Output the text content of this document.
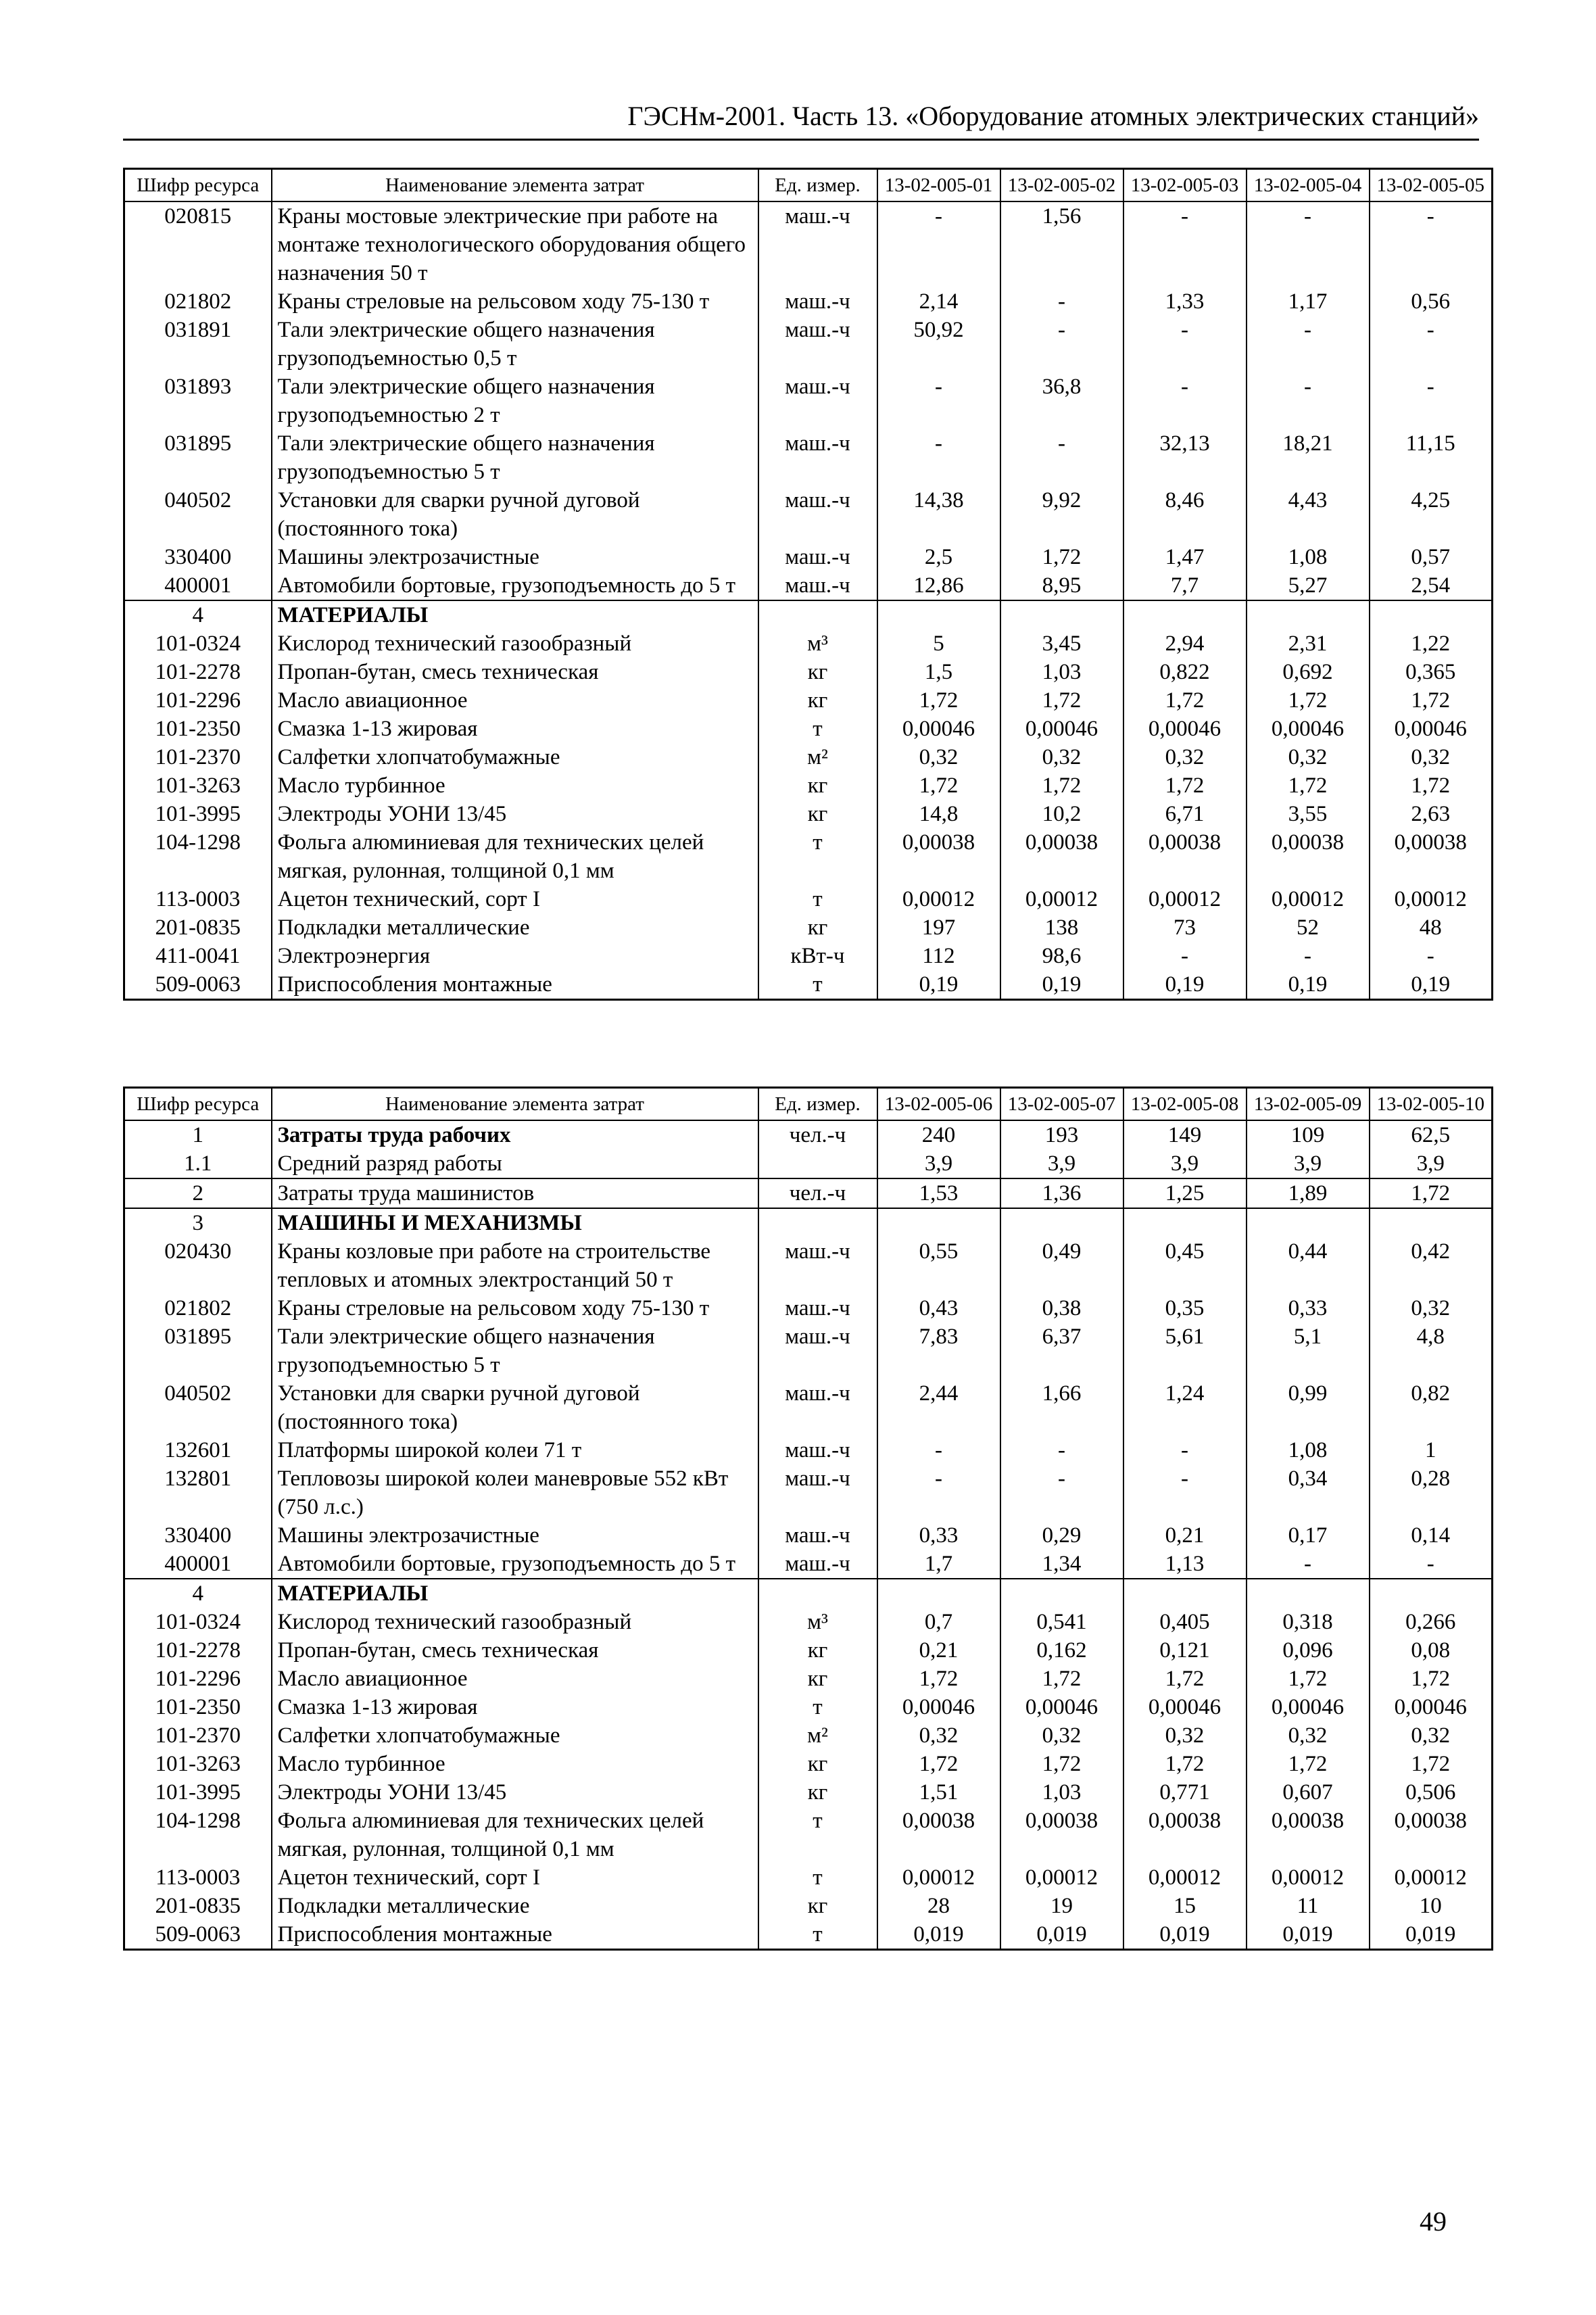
ГЭСНм-2001. Часть 13. «Оборудование атомных электрических станций»
Шифр ресурса	Наименование элемента затрат	Ед. измер.	13-02-005-01	13-02-005-02	13-02-005-03	13-02-005-04	13-02-005-05
020815	Краны мостовые электрические при работе на монтаже технологического оборудования общего назначения 50 т	маш.-ч	-	1,56	-	-	-
021802	Краны стреловые на рельсовом ходу 75-130 т	маш.-ч	2,14	-	1,33	1,17	0,56
031891	Тали электрические общего назначения грузоподъемностью 0,5 т	маш.-ч	50,92	-	-	-	-
031893	Тали электрические общего назначения грузоподъемностью 2 т	маш.-ч	-	36,8	-	-	-
031895	Тали электрические общего назначения грузоподъемностью 5 т	маш.-ч	-	-	32,13	18,21	11,15
040502	Установки для сварки ручной дуговой (постоянного тока)	маш.-ч	14,38	9,92	8,46	4,43	4,25
330400	Машины электрозачистные	маш.-ч	2,5	1,72	1,47	1,08	0,57
400001	Автомобили бортовые, грузоподъемность до 5 т	маш.-ч	12,86	8,95	7,7	5,27	2,54
4	МАТЕРИАЛЫ						
101-0324	Кислород технический газообразный	м³	5	3,45	2,94	2,31	1,22
101-2278	Пропан-бутан, смесь техническая	кг	1,5	1,03	0,822	0,692	0,365
101-2296	Масло авиационное	кг	1,72	1,72	1,72	1,72	1,72
101-2350	Смазка 1-13 жировая	т	0,00046	0,00046	0,00046	0,00046	0,00046
101-2370	Салфетки хлопчатобумажные	м²	0,32	0,32	0,32	0,32	0,32
101-3263	Масло турбинное	кг	1,72	1,72	1,72	1,72	1,72
101-3995	Электроды УОНИ 13/45	кг	14,8	10,2	6,71	3,55	2,63
104-1298	Фольга алюминиевая для технических целей мягкая, рулонная, толщиной 0,1 мм	т	0,00038	0,00038	0,00038	0,00038	0,00038
113-0003	Ацетон технический, сорт I	т	0,00012	0,00012	0,00012	0,00012	0,00012
201-0835	Подкладки металлические	кг	197	138	73	52	48
411-0041	Электроэнергия	кВт-ч	112	98,6	-	-	-
509-0063	Приспособления монтажные	т	0,19	0,19	0,19	0,19	0,19
Шифр ресурса	Наименование элемента затрат	Ед. измер.	13-02-005-06	13-02-005-07	13-02-005-08	13-02-005-09	13-02-005-10
1	Затраты труда рабочих	чел.-ч	240	193	149	109	62,5
1.1	Средний разряд работы		3,9	3,9	3,9	3,9	3,9
2	Затраты труда машинистов	чел.-ч	1,53	1,36	1,25	1,89	1,72
3	МАШИНЫ И МЕХАНИЗМЫ						
020430	Краны козловые при работе на строительстве тепловых и атомных электростанций 50 т	маш.-ч	0,55	0,49	0,45	0,44	0,42
021802	Краны стреловые на рельсовом ходу 75-130 т	маш.-ч	0,43	0,38	0,35	0,33	0,32
031895	Тали электрические общего назначения грузоподъемностью 5 т	маш.-ч	7,83	6,37	5,61	5,1	4,8
040502	Установки для сварки ручной дуговой (постоянного тока)	маш.-ч	2,44	1,66	1,24	0,99	0,82
132601	Платформы широкой колеи 71 т	маш.-ч	-	-	-	1,08	1
132801	Тепловозы широкой колеи маневровые 552 кВт (750 л.с.)	маш.-ч	-	-	-	0,34	0,28
330400	Машины электрозачистные	маш.-ч	0,33	0,29	0,21	0,17	0,14
400001	Автомобили бортовые, грузоподъемность до 5 т	маш.-ч	1,7	1,34	1,13	-	-
4	МАТЕРИАЛЫ						
101-0324	Кислород технический газообразный	м³	0,7	0,541	0,405	0,318	0,266
101-2278	Пропан-бутан, смесь техническая	кг	0,21	0,162	0,121	0,096	0,08
101-2296	Масло авиационное	кг	1,72	1,72	1,72	1,72	1,72
101-2350	Смазка 1-13 жировая	т	0,00046	0,00046	0,00046	0,00046	0,00046
101-2370	Салфетки хлопчатобумажные	м²	0,32	0,32	0,32	0,32	0,32
101-3263	Масло турбинное	кг	1,72	1,72	1,72	1,72	1,72
101-3995	Электроды УОНИ 13/45	кг	1,51	1,03	0,771	0,607	0,506
104-1298	Фольга алюминиевая для технических целей мягкая, рулонная, толщиной 0,1 мм	т	0,00038	0,00038	0,00038	0,00038	0,00038
113-0003	Ацетон технический, сорт I	т	0,00012	0,00012	0,00012	0,00012	0,00012
201-0835	Подкладки металлические	кг	28	19	15	11	10
509-0063	Приспособления монтажные	т	0,019	0,019	0,019	0,019	0,019
49
